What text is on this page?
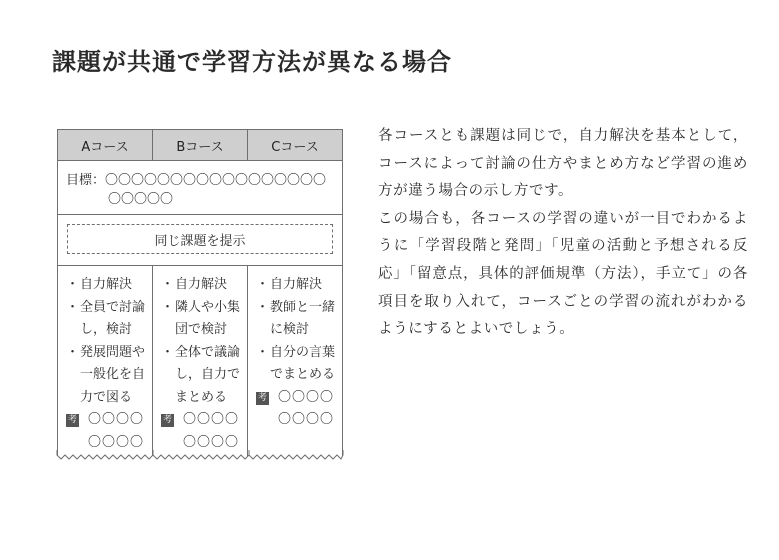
課題が共通で学習方法が異なる場合
Aコース	Bコース	Cコース
目標：〇〇〇〇〇〇〇〇〇〇〇〇〇〇〇〇〇
〇〇〇〇〇
同じ課題を提示
・ 自力解決
・ 全員で討論
し，検討
・ 発展問題や
一般化を自
力で図る
考 〇〇〇〇
〇〇〇〇
・ 自力解決
・ 隣人や小集
団で検討
・ 全体で議論
し，自力で
まとめる
考 〇〇〇〇
〇〇〇〇
・ 自力解決
・ 教師と一緒
に検討
・ 自分の言葉
でまとめる
考 〇〇〇〇
〇〇〇〇

各コースとも課題は同じで，自力解決を基本として，コースによって討論の仕方やまとめ方など学習の進め方が違う場合の示し方です。

この場合も，各コースの学習の違いが一目でわかるように「学習段階と発問」「児童の活動と予想される反応」「留意点，具体的評価規準（方法），手立て」の各項目を取り入れて，コースごとの学習の流れがわかるようにするとよいでしょう。
